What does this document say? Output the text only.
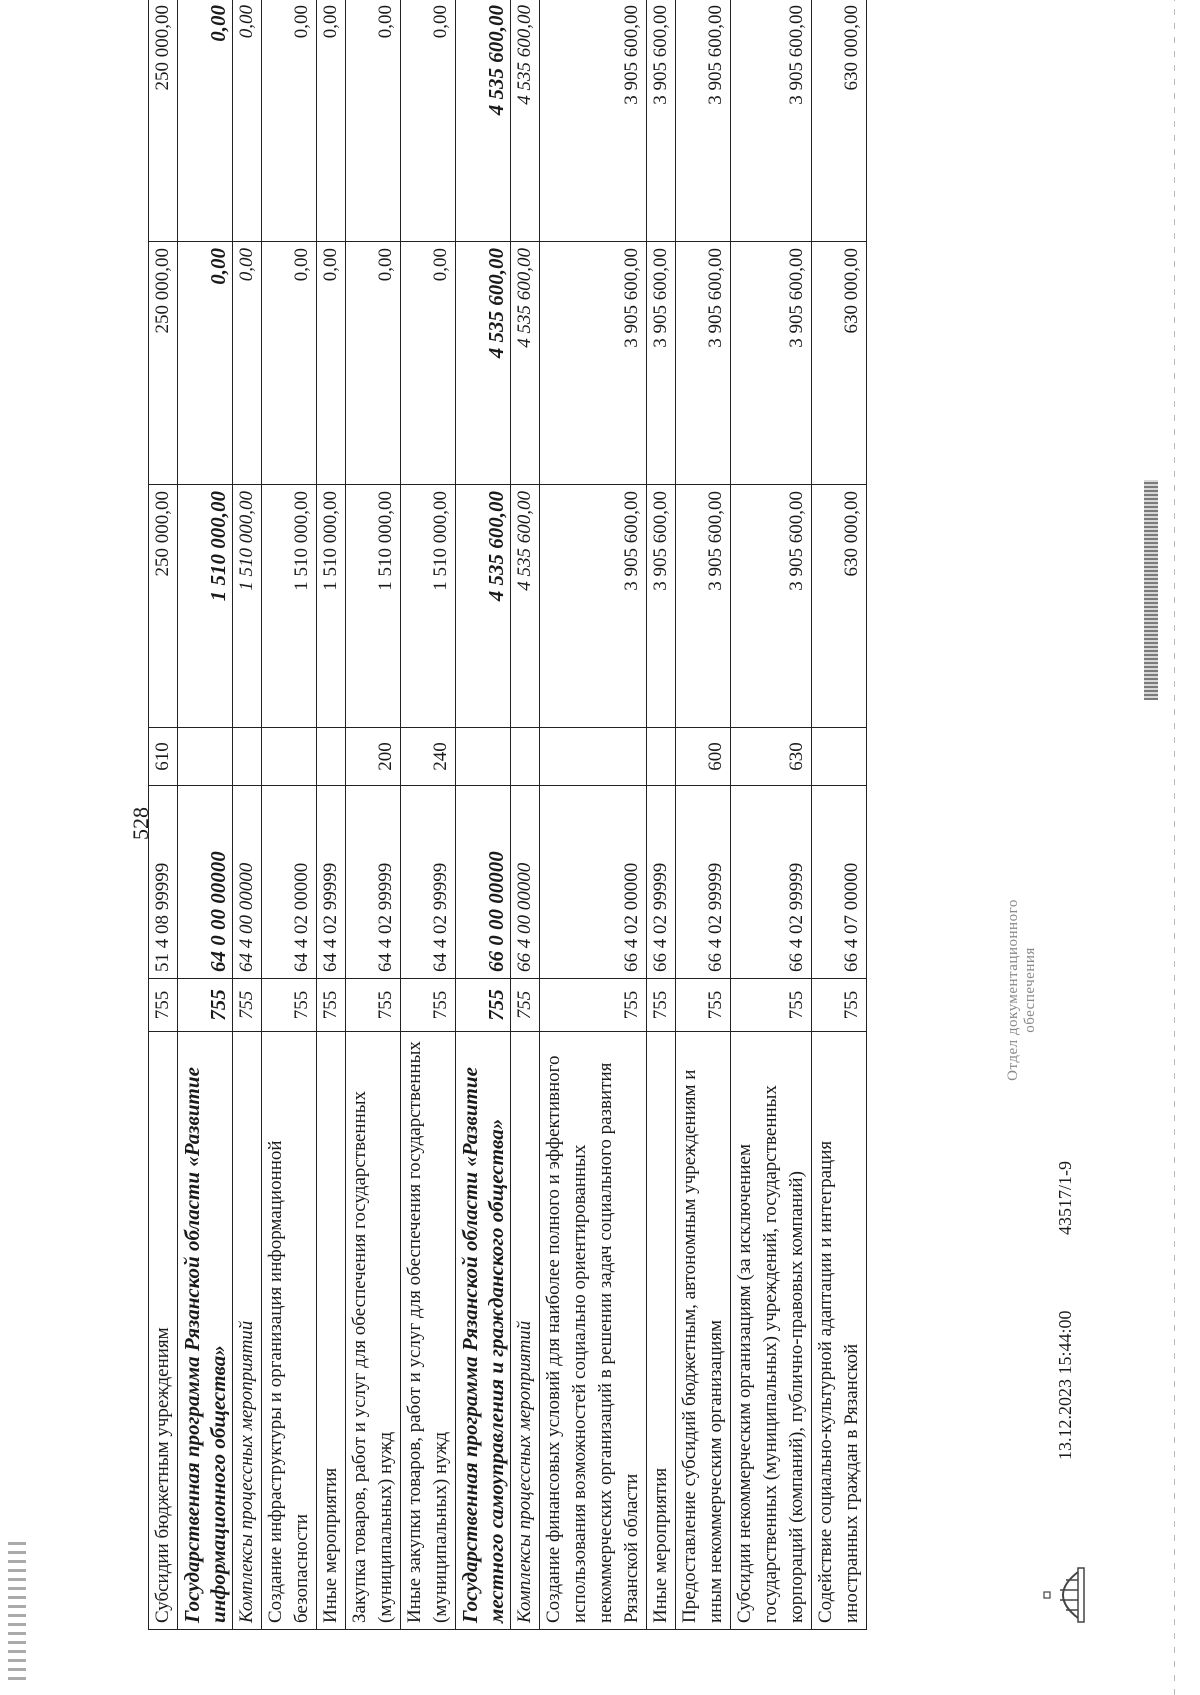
528
Субсидии бюджетным учреждениям	755	51 4 08 99999	610	250 000,00	250 000,00	250 000,00
Государственная программа Рязанской области «Развитие информационного общества»	755	64 0 00 00000		1 510 000,00	0,00	0,00
Комплексы процессных мероприятий	755	64 4 00 00000		1 510 000,00	0,00	0,00
Создание инфраструктуры и организация информационной безопасности	755	64 4 02 00000		1 510 000,00	0,00	0,00
Иные мероприятия	755	64 4 02 99999		1 510 000,00	0,00	0,00
Закупка товаров, работ и услуг для обеспечения государственных (муниципальных) нужд	755	64 4 02 99999	200	1 510 000,00	0,00	0,00
Иные закупки товаров, работ и услуг для обеспечения государственных (муниципальных) нужд	755	64 4 02 99999	240	1 510 000,00	0,00	0,00
Государственная программа Рязанской области «Развитие местного самоуправления и гражданского общества»	755	66 0 00 00000		4 535 600,00	4 535 600,00	4 535 600,00
Комплексы процессных мероприятий	755	66 4 00 00000		4 535 600,00	4 535 600,00	4 535 600,00
Создание финансовых условий для наиболее полного и эффективного использования возможностей социально ориентированных некоммерческих организаций в решении задач социального развития Рязанской области	755	66 4 02 00000		3 905 600,00	3 905 600,00	3 905 600,00
Иные мероприятия	755	66 4 02 99999		3 905 600,00	3 905 600,00	3 905 600,00
Предоставление субсидий бюджетным, автономным учреждениям и иным некоммерческим организациям	755	66 4 02 99999	600	3 905 600,00	3 905 600,00	3 905 600,00
Субсидии некоммерческим организациям (за исключением государственных (муниципальных) учреждений, государственных корпораций (компаний), публично-правовых компаний)	755	66 4 02 99999	630	3 905 600,00	3 905 600,00	3 905 600,00
Содействие социально-культурной адаптации и интеграция иностранных граждан в Рязанской	755	66 4 07 00000		630 000,00	630 000,00	630 000,00
13.12.2023 15:44:00
43517/1-9
Отдел документационного обеспечения
